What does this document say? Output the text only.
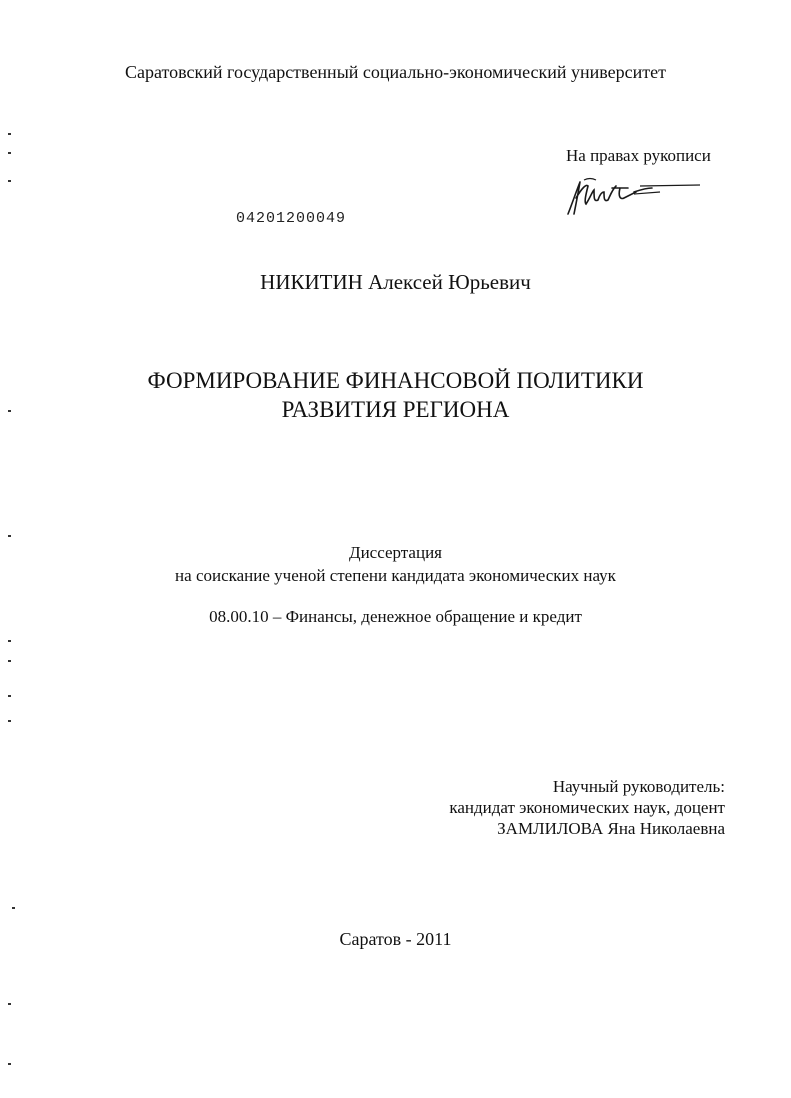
Саратовский государственный социально-экономический университет
На правах рукописи
04201200049
НИКИТИН Алексей Юрьевич
ФОРМИРОВАНИЕ ФИНАНСОВОЙ ПОЛИТИКИ
РАЗВИТИЯ РЕГИОНА
Диссертация
на соискание ученой степени кандидата экономических наук
08.00.10 – Финансы, денежное обращение и кредит
Научный руководитель:
кандидат экономических наук, доцент
ЗАМЛИЛОВА Яна Николаевна
Саратов - 2011
